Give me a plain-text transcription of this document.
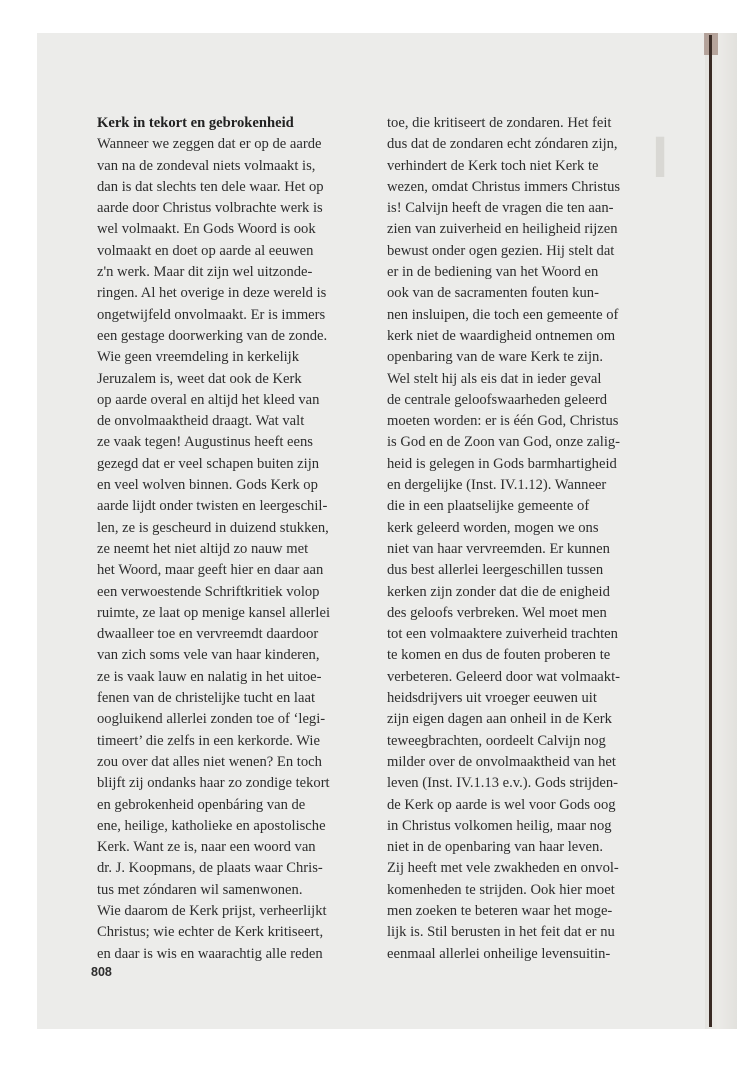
I
Kerk in tekort en gebrokenheid
Wanneer we zeggen dat er op de aarde
van na de zondeval niets volmaakt is,
dan is dat slechts ten dele waar. Het op
aarde door Christus volbrachte werk is
wel volmaakt. En Gods Woord is ook
volmaakt en doet op aarde al eeuwen
z'n werk. Maar dit zijn wel uitzonde-
ringen. Al het overige in deze wereld is
ongetwijfeld onvolmaakt. Er is immers
een gestage doorwerking van de zonde.
Wie geen vreemdeling in kerkelijk
Jeruzalem is, weet dat ook de Kerk
op aarde overal en altijd het kleed van
de onvolmaaktheid draagt. Wat valt
ze vaak tegen! Augustinus heeft eens
gezegd dat er veel schapen buiten zijn
en veel wolven binnen. Gods Kerk op
aarde lijdt onder twisten en leergeschil-
len, ze is gescheurd in duizend stukken,
ze neemt het niet altijd zo nauw met
het Woord, maar geeft hier en daar aan
een verwoestende Schriftkritiek volop
ruimte, ze laat op menige kansel allerlei
dwaalleer toe en vervreemdt daardoor
van zich soms vele van haar kinderen,
ze is vaak lauw en nalatig in het uitoe-
fenen van de christelijke tucht en laat
oogluikend allerlei zonden toe of ‘legi-
timeert’ die zelfs in een kerkorde. Wie
zou over dat alles niet wenen? En toch
blijft zij ondanks haar zo zondige tekort
en gebrokenheid openbáring van de
ene, heilige, katholieke en apostolische
Kerk. Want ze is, naar een woord van
dr. J. Koopmans, de plaats waar Chris-
tus met zóndaren wil samenwonen.
Wie daarom de Kerk prijst, verheerlijkt
Christus; wie echter de Kerk kritiseert,
en daar is wis en waarachtig alle reden
toe, die kritiseert de zondaren. Het feit
dus dat de zondaren echt zóndaren zijn,
verhindert de Kerk toch niet Kerk te
wezen, omdat Christus immers Christus
is! Calvijn heeft de vragen die ten aan-
zien van zuiverheid en heiligheid rijzen
bewust onder ogen gezien. Hij stelt dat
er in de bediening van het Woord en
ook van de sacramenten fouten kun-
nen insluipen, die toch een gemeente of
kerk niet de waardigheid ontnemen om
openbaring van de ware Kerk te zijn.
Wel stelt hij als eis dat in ieder geval
de centrale geloofswaarheden geleerd
moeten worden: er is één God, Christus
is God en de Zoon van God, onze zalig-
heid is gelegen in Gods barmhartigheid
en dergelijke (Inst. IV.1.12). Wanneer
die in een plaatselijke gemeente of
kerk geleerd worden, mogen we ons
niet van haar vervreemden. Er kunnen
dus best allerlei leergeschillen tussen
kerken zijn zonder dat die de enigheid
des geloofs verbreken. Wel moet men
tot een volmaaktere zuiverheid trachten
te komen en dus de fouten proberen te
verbeteren. Geleerd door wat volmaakt-
heidsdrijvers uit vroeger eeuwen uit
zijn eigen dagen aan onheil in de Kerk
teweegbrachten, oordeelt Calvijn nog
milder over de onvolmaaktheid van het
leven (Inst. IV.1.13 e.v.). Gods strijden-
de Kerk op aarde is wel voor Gods oog
in Christus volkomen heilig, maar nog
niet in de openbaring van haar leven.
Zij heeft met vele zwakheden en onvol-
komenheden te strijden. Ook hier moet
men zoeken te beteren waar het moge-
lijk is. Stil berusten in het feit dat er nu
eenmaal allerlei onheilige levensuitin-
808
